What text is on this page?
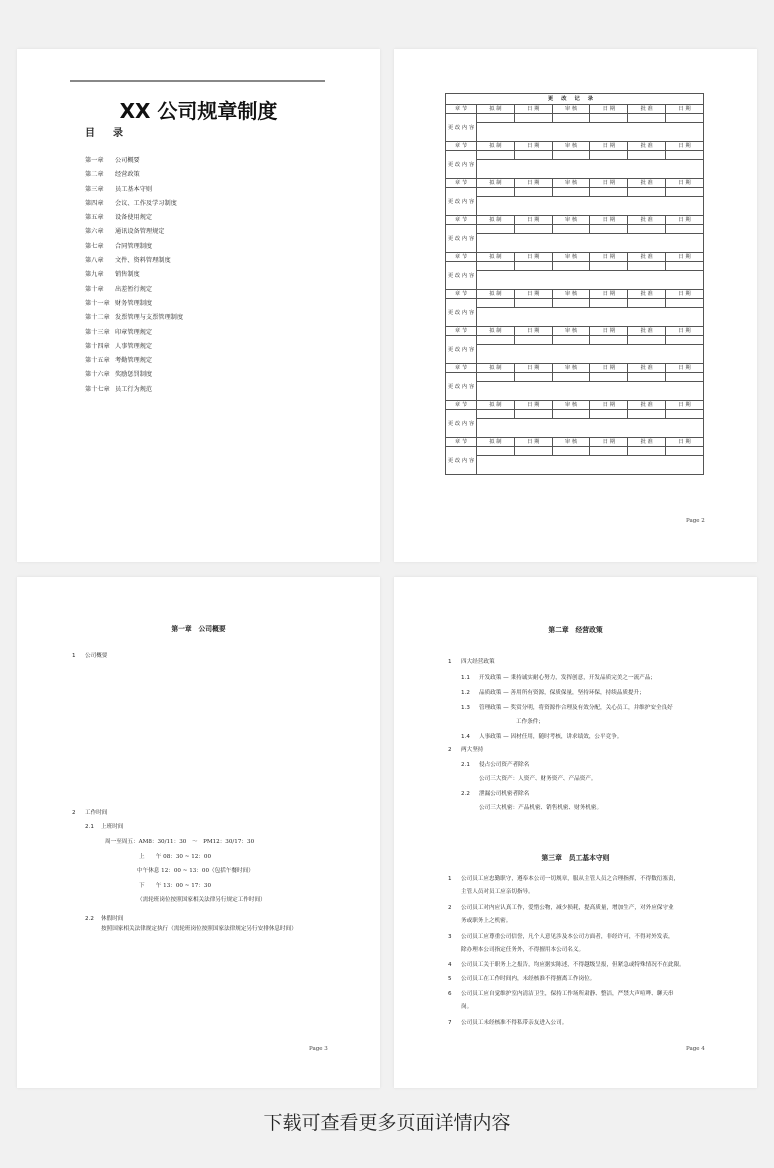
XX 公司规章制度
目录
第一章 公司概要
第二章 经营政策
第三章 员工基本守则
第四章 会议、工作及学习制度
第五章 设备使用规定
第六章 通讯设备管理规定
第七章 合同管理制度
第八章 文件、资料管理制度
第九章 销售制度
第十章 出差暂行规定
第十一章 财务管理制度
第十二章 发票管理与支票管理制度
第十三章 印章管理规定
第十四章 人事管理规定
第十五章 考勤管理规定
第十六章 奖励惩罚制度
第十七章 员工行为规范
更改记录						
章 节	拟 制	日 期	审 核	日 期	批 准	日 期
更 改 内 容						

章 节	拟 制	日 期	审 核	日 期	批 准	日 期
更 改 内 容						

章 节	拟 制	日 期	审 核	日 期	批 准	日 期
更 改 内 容						

章 节	拟 制	日 期	审 核	日 期	批 准	日 期
更 改 内 容						

章 节	拟 制	日 期	审 核	日 期	批 准	日 期
更 改 内 容						

章 节	拟 制	日 期	审 核	日 期	批 准	日 期
更 改 内 容						

章 节	拟 制	日 期	审 核	日 期	批 准	日 期
更 改 内 容						

章 节	拟 制	日 期	审 核	日 期	批 准	日 期
更 改 内 容						

章 节	拟 制	日 期	审 核	日 期	批 准	日 期
更 改 内 容						

章 节	拟 制	日 期	审 核	日 期	批 准	日 期
更 改 内 容						

Page 2
第一章　公司概要
1 公司概要
2 工作时间
2.1 上班时间
周一至周五：AM8：30/11：30　～　PM12：30/17：30
上　　午 08：30 ~ 12：00
中午休息 12：00 ~ 13：00（包括午餐时间）
下　　午 13：00 ~ 17：30
（需轮班岗位按照国家相关法律另行规定工作时间）
2.2 休假时间
按照国家相关法律规定执行（需轮班岗位按照国家法律规定另行安排休息时间）
Page 3
第二章　经营政策
1 四大经营政策
1.1 开发政策 — 秉持诚实耐心努力，发挥创意，开发品质完美之一流产品；
1.2 品质政策 — 善用所有资源，保质保量，坚持环保，持续品质提升；
1.3 管理政策 — 奖赏分明，将资源作合理及有效分配，关心员工，并维护安全良好
工作条件；
1.4 人事政策 — 因材任用，随时考核，讲求绩效，公平竞争。
2 两大坚持
2.1 侵占公司资产者除名
公司三大资产：人资产、财务资产、产品资产。
2.2 泄漏公司机密者除名
公司三大机密：产品机密、销售机密、财务机密。
第三章　员工基本守则
1 公司员工应忠勤职守，遵奉本公司一切规章，服从主管人员之合理指挥，不得数衍塞责，
主管人员对员工应亲切指导。
2 公司员工对内应认真工作，爱惜公物，减少损耗，提高质量，增加生产，对外应保守业
务或职务上之机密。
3 公司员工应尊重公司信誉，凡个人意见涉及本公司方面者，非经许可，不得对外发表，
除办理本公司指定任务外，不得擅用本公司名义。
4 公司员工关于职务上之报告，均应据实陈述，不得越级呈报，但紧急或特殊情况不在此限。
5 公司员工在工作时间内，未经核准不得擅离工作岗位。
6 公司员工应自觉维护室内清洁卫生，保持工作场所肃静、整洁，严禁大声喧哗、聊天串
岗。
7 公司员工未经核准不得私带亲友进入公司。
Page 4
下载可查看更多页面详情内容
